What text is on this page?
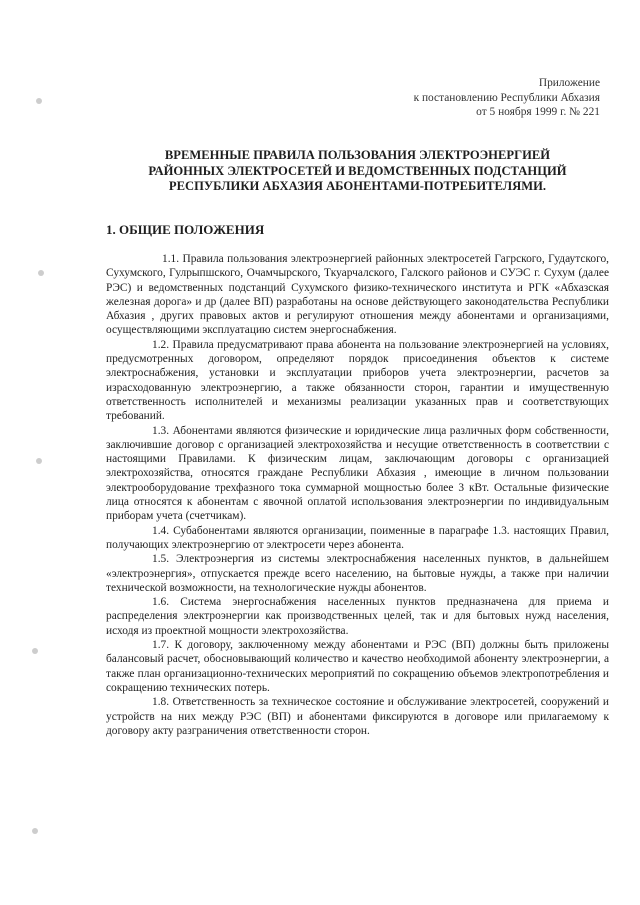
Приложение
к постановлению Республики Абхазия
от 5 ноября 1999 г. № 221
ВРЕМЕННЫЕ ПРАВИЛА ПОЛЬЗОВАНИЯ ЭЛЕКТРОЭНЕРГИЕЙ
РАЙОННЫХ ЭЛЕКТРОСЕТЕЙ И ВЕДОМСТВЕННЫХ ПОДСТАНЦИЙ
РЕСПУБЛИКИ АБХАЗИЯ АБОНЕНТАМИ-ПОТРЕБИТЕЛЯМИ.
1. ОБЩИЕ ПОЛОЖЕНИЯ

1.1. Правила пользования электроэнергией районных электросетей Гагрского, Гудаутского, Сухумского, Гулрыпшского, Очамчырского, Ткуарчалского, Галского районов и СУЭС г. Сухум (далее РЭС) и ведомственных подстанций Сухумского физико-технического института и РГК «Абхазская железная дорога» и др (далее ВП) разработаны на основе действующего законодательства Республики Абхазия , других правовых актов и регулируют отношения между абонентами и организациями, осуществляющими эксплуатацию систем энергоснабжения.

1.2. Правила предусматривают права абонента на пользование электроэнергией на условиях, предусмотренных договором, определяют порядок присоединения объектов к системе электроснабжения, установки и эксплуатации приборов учета электроэнергии, расчетов за израсходованную электроэнергию, а также обязанности сторон, гарантии и имущественную ответственность исполнителей и механизмы реализации указанных прав и соответствующих требований.

1.3. Абонентами являются физические и юридические лица различных форм собственности, заключившие договор с организацией электрохозяйства и несущие ответственность в соответствии с настоящими Правилами. К физическим лицам, заключающим договоры с организацией электрохозяйства, относятся граждане Республики Абхазия , имеющие в личном пользовании электрооборудование трехфазного тока суммарной мощностью более 3 кВт. Остальные физические лица относятся к абонентам с явочной оплатой использования электроэнергии по индивидуальным приборам учета (счетчикам).

1.4. Субабонентами являются организации, поименные в параграфе 1.3. настоящих Правил, получающих электроэнергию от электросети через абонента.

1.5. Электроэнергия из системы электроснабжения населенных пунктов, в дальнейшем «электроэнергия», отпускается прежде всего населению, на бытовые нужды, а также при наличии технической возможности, на технологические нужды абонентов.

1.6. Система энергоснабжения населенных пунктов предназначена для приема и распределения электроэнергии как производственных целей, так и для бытовых нужд населения, исходя из проектной мощности электрохозяйства.

1.7. К договору, заключенному между абонентами и РЭС (ВП) должны быть приложены балансовый расчет, обосновывающий количество и качество необходимой абоненту электроэнергии, а также план организационно-технических мероприятий по сокращению объемов электропотребления и сокращению технических потерь.

1.8. Ответственность за техническое состояние и обслуживание электросетей, сооружений и устройств на них между РЭС (ВП) и абонентами фиксируются в договоре или прилагаемому к договору акту разграничения ответственности сторон.
